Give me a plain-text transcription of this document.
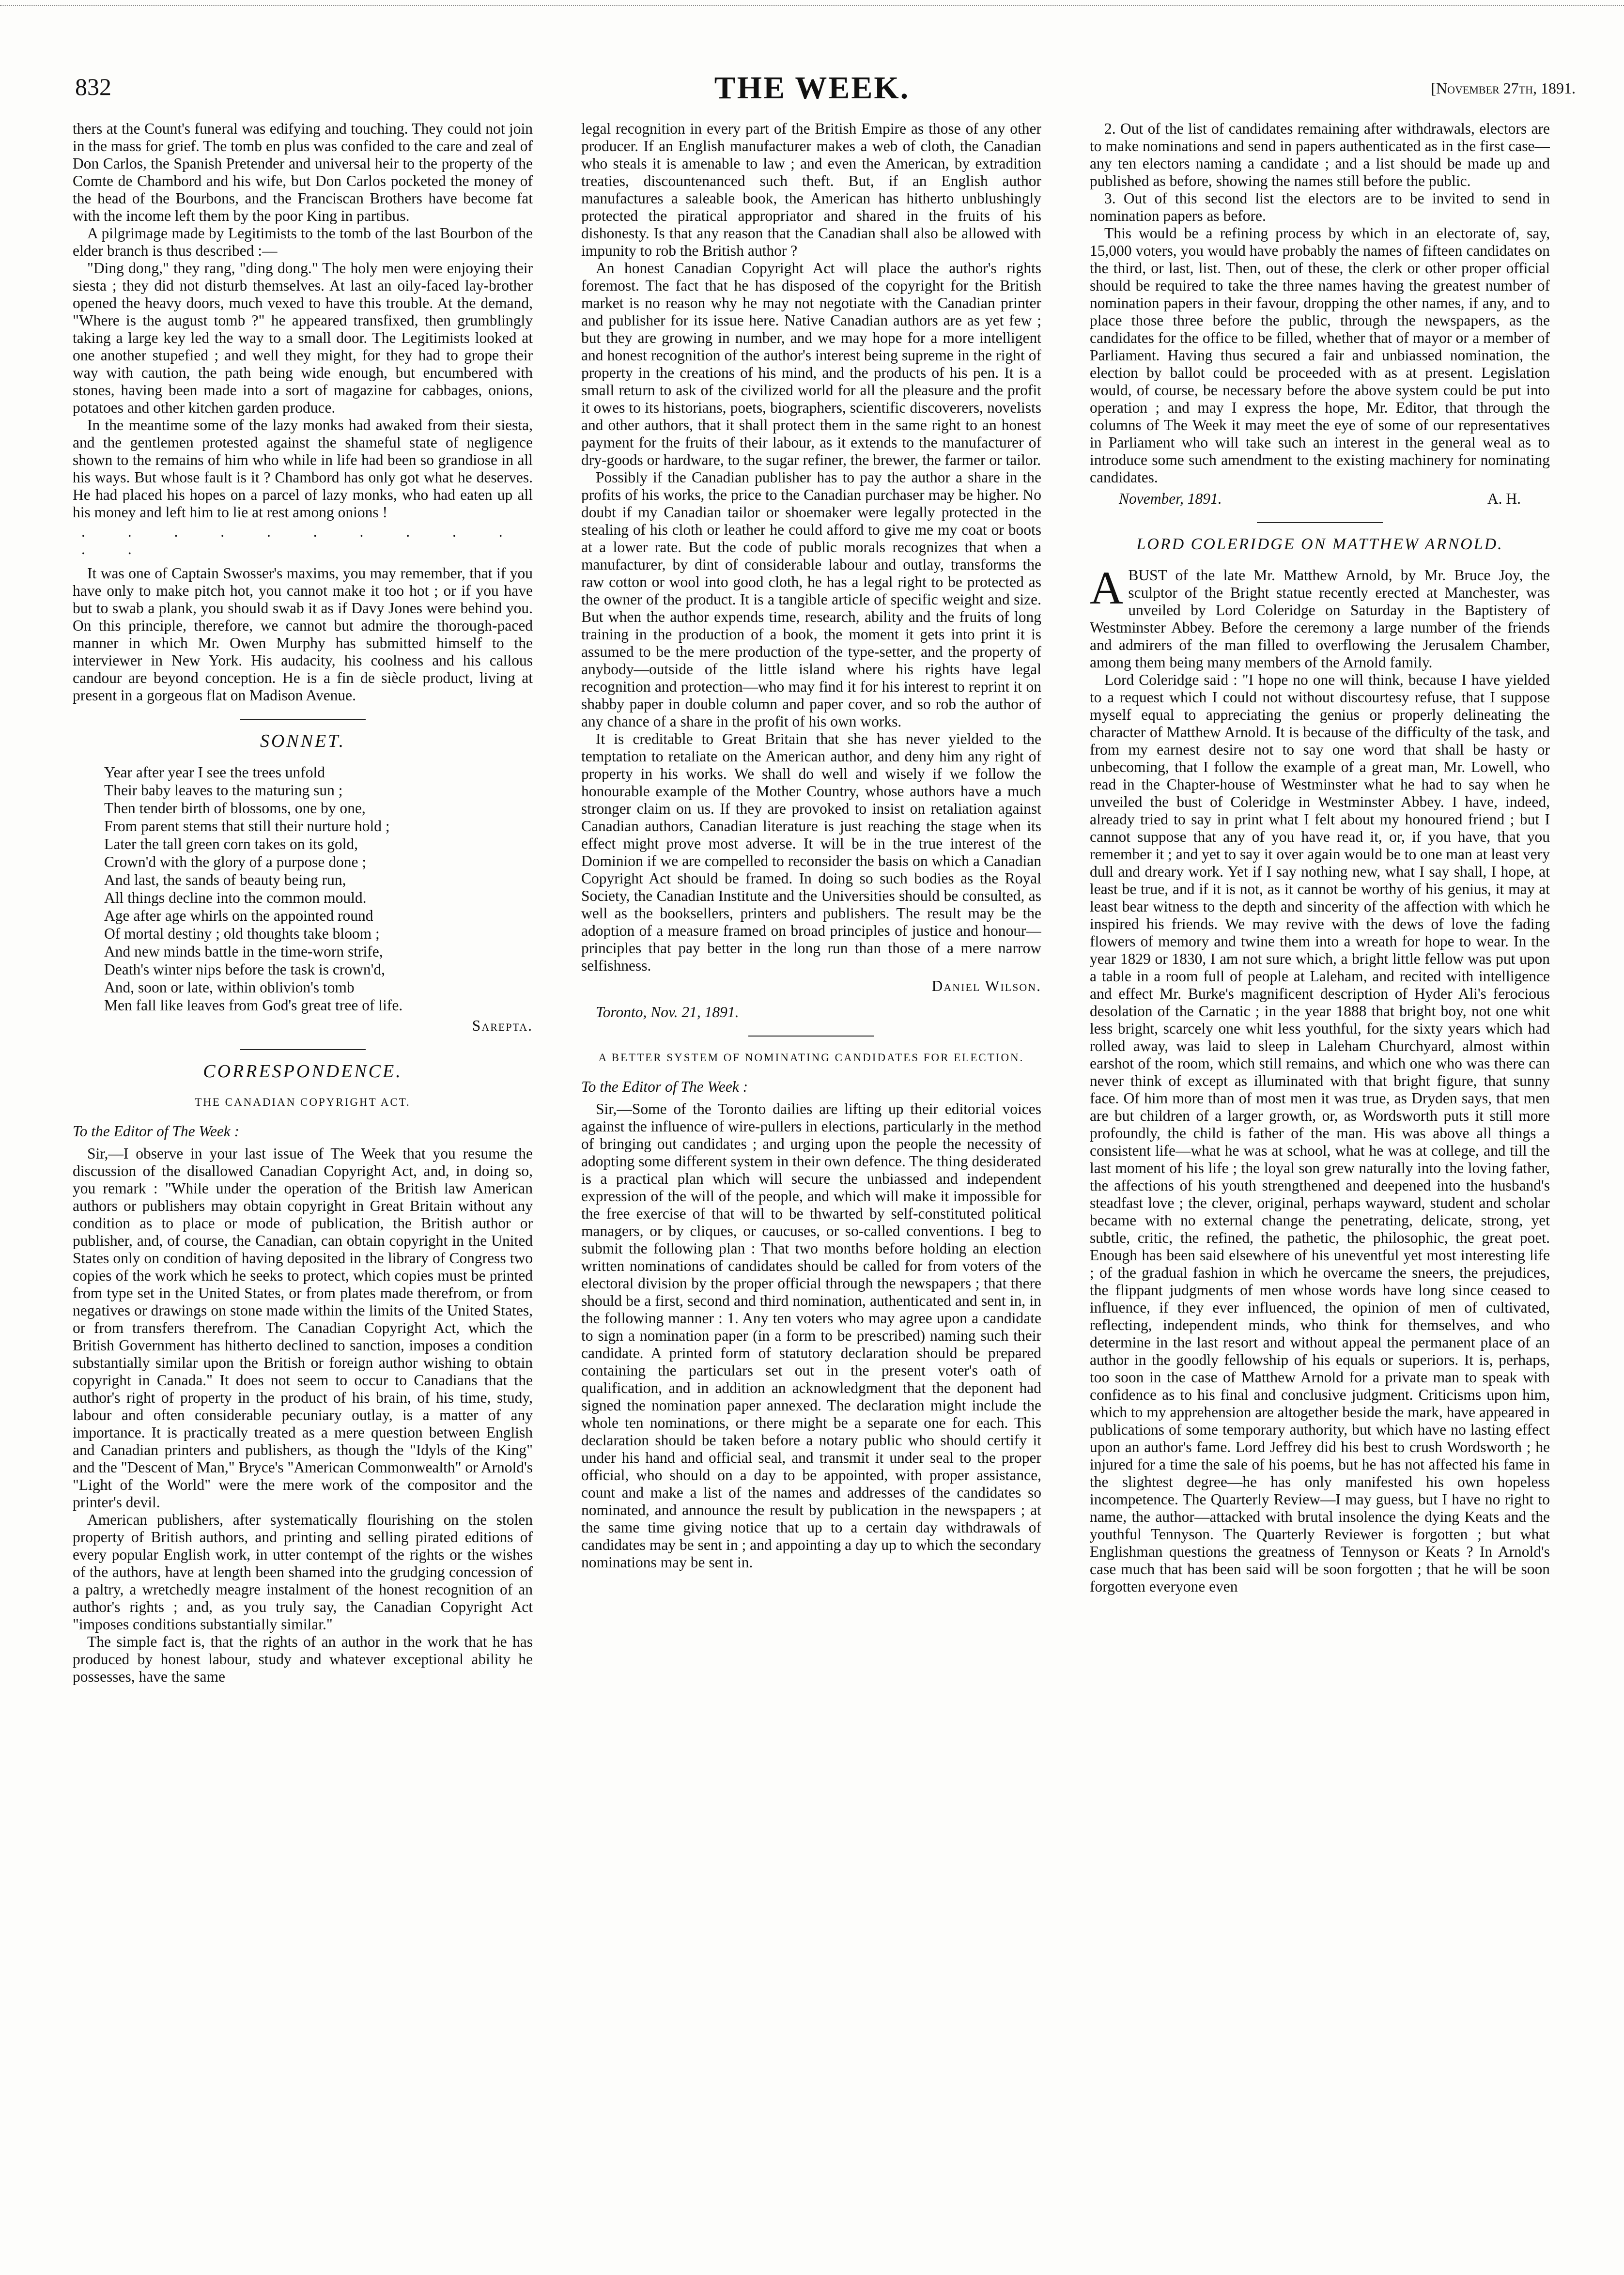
832	THE WEEK.	[November 27th, 1891.

thers at the Count's funeral was edifying and touching. They could not join in the mass for grief. The tomb en plus was confided to the care and zeal of Don Carlos, the Spanish Pretender and universal heir to the property of the Comte de Chambord and his wife, but Don Carlos pocketed the money of the head of the Bourbons, and the Franciscan Brothers have become fat with the income left them by the poor King in partibus.

A pilgrimage made by Legitimists to the tomb of the last Bourbon of the elder branch is thus described :—

"Ding dong," they rang, "ding dong." The holy men were enjoying their siesta ; they did not disturb themselves. At last an oily-faced lay-brother opened the heavy doors, much vexed to have this trouble. At the demand, "Where is the august tomb ?" he appeared transfixed, then grumblingly taking a large key led the way to a small door. The Legitimists looked at one another stupefied ; and well they might, for they had to grope their way with caution, the path being wide enough, but encumbered with stones, having been made into a sort of magazine for cabbages, onions, potatoes and other kitchen garden produce.

In the meantime some of the lazy monks had awaked from their siesta, and the gentlemen protested against the shameful state of negligence shown to the remains of him who while in life had been so grandiose in all his ways. But whose fault is it ? Chambord has only got what he deserves. He had placed his hopes on a parcel of lazy monks, who had eaten up all his money and left him to lie at rest among onions !

. . . . . . . . . . . .

It was one of Captain Swosser's maxims, you may remember, that if you have only to make pitch hot, you cannot make it too hot ; or if you have but to swab a plank, you should swab it as if Davy Jones were behind you. On this principle, therefore, we cannot but admire the thorough-paced manner in which Mr. Owen Murphy has submitted himself to the interviewer in New York. His audacity, his coolness and his callous candour are beyond conception. He is a fin de siècle product, living at present in a gorgeous flat on Madison Avenue.

SONNET.
Year after year I see the trees unfold
Their baby leaves to the maturing sun ;
Then tender birth of blossoms, one by one,
From parent stems that still their nurture hold ;
Later the tall green corn takes on its gold,
Crown'd with the glory of a purpose done ;
And last, the sands of beauty being run,
All things decline into the common mould.
Age after age whirls on the appointed round
Of mortal destiny ; old thoughts take bloom ;
And new minds battle in the time-worn strife,
Death's winter nips before the task is crown'd,
And, soon or late, within oblivion's tomb
Men fall like leaves from God's great tree of life.
Sarepta.
CORRESPONDENCE.
THE CANADIAN COPYRIGHT ACT.
To the Editor of The Week :

Sir,—I observe in your last issue of The Week that you resume the discussion of the disallowed Canadian Copyright Act, and, in doing so, you remark : "While under the operation of the British law American authors or publishers may obtain copyright in Great Britain without any condition as to place or mode of publication, the British author or publisher, and, of course, the Canadian, can obtain copyright in the United States only on condition of having deposited in the library of Congress two copies of the work which he seeks to protect, which copies must be printed from type set in the United States, or from plates made therefrom, or from negatives or drawings on stone made within the limits of the United States, or from transfers therefrom. The Canadian Copyright Act, which the British Government has hitherto declined to sanction, imposes a condition substantially similar upon the British or foreign author wishing to obtain copyright in Canada." It does not seem to occur to Canadians that the author's right of property in the product of his brain, of his time, study, labour and often considerable pecuniary outlay, is a matter of any importance. It is practically treated as a mere question between English and Canadian printers and publishers, as though the "Idyls of the King" and the "Descent of Man," Bryce's "American Commonwealth" or Arnold's "Light of the World" were the mere work of the compositor and the printer's devil.

American publishers, after systematically flourishing on the stolen property of British authors, and printing and selling pirated editions of every popular English work, in utter contempt of the rights or the wishes of the authors, have at length been shamed into the grudging concession of a paltry, a wretchedly meagre instalment of the honest recognition of an author's rights ; and, as you truly say, the Canadian Copyright Act "imposes conditions substantially similar."

The simple fact is, that the rights of an author in the work that he has produced by honest labour, study and whatever exceptional ability he possesses, have the same

legal recognition in every part of the British Empire as those of any other producer. If an English manufacturer makes a web of cloth, the Canadian who steals it is amenable to law ; and even the American, by extradition treaties, discountenanced such theft. But, if an English author manufactures a saleable book, the American has hitherto unblushingly protected the piratical appropriator and shared in the fruits of his dishonesty. Is that any reason that the Canadian shall also be allowed with impunity to rob the British author ?

An honest Canadian Copyright Act will place the author's rights foremost. The fact that he has disposed of the copyright for the British market is no reason why he may not negotiate with the Canadian printer and publisher for its issue here. Native Canadian authors are as yet few ; but they are growing in number, and we may hope for a more intelligent and honest recognition of the author's interest being supreme in the right of property in the creations of his mind, and the products of his pen. It is a small return to ask of the civilized world for all the pleasure and the profit it owes to its historians, poets, biographers, scientific discoverers, novelists and other authors, that it shall protect them in the same right to an honest payment for the fruits of their labour, as it extends to the manufacturer of dry-goods or hardware, to the sugar refiner, the brewer, the farmer or tailor.

Possibly if the Canadian publisher has to pay the author a share in the profits of his works, the price to the Canadian purchaser may be higher. No doubt if my Canadian tailor or shoemaker were legally protected in the stealing of his cloth or leather he could afford to give me my coat or boots at a lower rate. But the code of public morals recognizes that when a manufacturer, by dint of considerable labour and outlay, transforms the raw cotton or wool into good cloth, he has a legal right to be protected as the owner of the product. It is a tangible article of specific weight and size. But when the author expends time, research, ability and the fruits of long training in the production of a book, the moment it gets into print it is assumed to be the mere production of the type-setter, and the property of anybody—outside of the little island where his rights have legal recognition and protection—who may find it for his interest to reprint it on shabby paper in double column and paper cover, and so rob the author of any chance of a share in the profit of his own works.

It is creditable to Great Britain that she has never yielded to the temptation to retaliate on the American author, and deny him any right of property in his works. We shall do well and wisely if we follow the honourable example of the Mother Country, whose authors have a much stronger claim on us. If they are provoked to insist on retaliation against Canadian authors, Canadian literature is just reaching the stage when its effect might prove most adverse. It will be in the true interest of the Dominion if we are compelled to reconsider the basis on which a Canadian Copyright Act should be framed. In doing so such bodies as the Royal Society, the Canadian Institute and the Universities should be consulted, as well as the booksellers, printers and publishers. The result may be the adoption of a measure framed on broad principles of justice and honour—principles that pay better in the long run than those of a mere narrow selfishness.

Daniel Wilson.
Toronto, Nov. 21, 1891.
A BETTER SYSTEM OF NOMINATING CANDIDATES FOR ELECTION.
To the Editor of The Week :

Sir,—Some of the Toronto dailies are lifting up their editorial voices against the influence of wire-pullers in elections, particularly in the method of bringing out candidates ; and urging upon the people the necessity of adopting some different system in their own defence. The thing desiderated is a practical plan which will secure the unbiassed and independent expression of the will of the people, and which will make it impossible for the free exercise of that will to be thwarted by self-constituted political managers, or by cliques, or caucuses, or so-called conventions. I beg to submit the following plan : That two months before holding an election written nominations of candidates should be called for from voters of the electoral division by the proper official through the newspapers ; that there should be a first, second and third nomination, authenticated and sent in, in the following manner : 1. Any ten voters who may agree upon a candidate to sign a nomination paper (in a form to be prescribed) naming such their candidate. A printed form of statutory declaration should be prepared containing the particulars set out in the present voter's oath of qualification, and in addition an acknowledgment that the deponent had signed the nomination paper annexed. The declaration might include the whole ten nominations, or there might be a separate one for each. This declaration should be taken before a notary public who should certify it under his hand and official seal, and transmit it under seal to the proper official, who should on a day to be appointed, with proper assistance, count and make a list of the names and addresses of the candidates so nominated, and announce the result by publication in the newspapers ; at the same time giving notice that up to a certain day withdrawals of candidates may be sent in ; and appointing a day up to which the secondary nominations may be sent in.

2. Out of the list of candidates remaining after withdrawals, electors are to make nominations and send in papers authenticated as in the first case—any ten electors naming a candidate ; and a list should be made up and published as before, showing the names still before the public.

3. Out of this second list the electors are to be invited to send in nomination papers as before.

This would be a refining process by which in an electorate of, say, 15,000 voters, you would have probably the names of fifteen candidates on the third, or last, list. Then, out of these, the clerk or other proper official should be required to take the three names having the greatest number of nomination papers in their favour, dropping the other names, if any, and to place those three before the public, through the newspapers, as the candidates for the office to be filled, whether that of mayor or a member of Parliament. Having thus secured a fair and unbiassed nomination, the election by ballot could be proceeded with as at present. Legislation would, of course, be necessary before the above system could be put into operation ; and may I express the hope, Mr. Editor, that through the columns of The Week it may meet the eye of some of our representatives in Parliament who will take such an interest in the general weal as to introduce some such amendment to the existing machinery for nominating candidates.

November, 1891.	A. H.
LORD COLERIDGE ON MATTHEW ARNOLD.

ABUST of the late Mr. Matthew Arnold, by Mr. Bruce Joy, the sculptor of the Bright statue recently erected at Manchester, was unveiled by Lord Coleridge on Saturday in the Baptistery of Westminster Abbey. Before the ceremony a large number of the friends and admirers of the man filled to overflowing the Jerusalem Chamber, among them being many members of the Arnold family.

Lord Coleridge said : "I hope no one will think, because I have yielded to a request which I could not without discourtesy refuse, that I suppose myself equal to appreciating the genius or properly delineating the character of Matthew Arnold. It is because of the difficulty of the task, and from my earnest desire not to say one word that shall be hasty or unbecoming, that I follow the example of a great man, Mr. Lowell, who read in the Chapter-house of Westminster what he had to say when he unveiled the bust of Coleridge in Westminster Abbey. I have, indeed, already tried to say in print what I felt about my honoured friend ; but I cannot suppose that any of you have read it, or, if you have, that you remember it ; and yet to say it over again would be to one man at least very dull and dreary work. Yet if I say nothing new, what I say shall, I hope, at least be true, and if it is not, as it cannot be worthy of his genius, it may at least bear witness to the depth and sincerity of the affection with which he inspired his friends. We may revive with the dews of love the fading flowers of memory and twine them into a wreath for hope to wear. In the year 1829 or 1830, I am not sure which, a bright little fellow was put upon a table in a room full of people at Laleham, and recited with intelligence and effect Mr. Burke's magnificent description of Hyder Ali's ferocious desolation of the Carnatic ; in the year 1888 that bright boy, not one whit less bright, scarcely one whit less youthful, for the sixty years which had rolled away, was laid to sleep in Laleham Churchyard, almost within earshot of the room, which still remains, and which one who was there can never think of except as illuminated with that bright figure, that sunny face. Of him more than of most men it was true, as Dryden says, that men are but children of a larger growth, or, as Wordsworth puts it still more profoundly, the child is father of the man. His was above all things a consistent life—what he was at school, what he was at college, and till the last moment of his life ; the loyal son grew naturally into the loving father, the affections of his youth strengthened and deepened into the husband's steadfast love ; the clever, original, perhaps wayward, student and scholar became with no external change the penetrating, delicate, strong, yet subtle, critic, the refined, the pathetic, the philosophic, the great poet. Enough has been said elsewhere of his uneventful yet most interesting life ; of the gradual fashion in which he overcame the sneers, the prejudices, the flippant judgments of men whose words have long since ceased to influence, if they ever influenced, the opinion of men of cultivated, reflecting, independent minds, who think for themselves, and who determine in the last resort and without appeal the permanent place of an author in the goodly fellowship of his equals or superiors. It is, perhaps, too soon in the case of Matthew Arnold for a private man to speak with confidence as to his final and conclusive judgment. Criticisms upon him, which to my apprehension are altogether beside the mark, have appeared in publications of some temporary authority, but which have no lasting effect upon an author's fame. Lord Jeffrey did his best to crush Wordsworth ; he injured for a time the sale of his poems, but he has not affected his fame in the slightest degree—he has only manifested his own hopeless incompetence. The Quarterly Review—I may guess, but I have no right to name, the author—attacked with brutal insolence the dying Keats and the youthful Tennyson. The Quarterly Reviewer is forgotten ; but what Englishman questions the greatness of Tennyson or Keats ? In Arnold's case much that has been said will be soon forgotten ; that he will be soon forgotten everyone even
